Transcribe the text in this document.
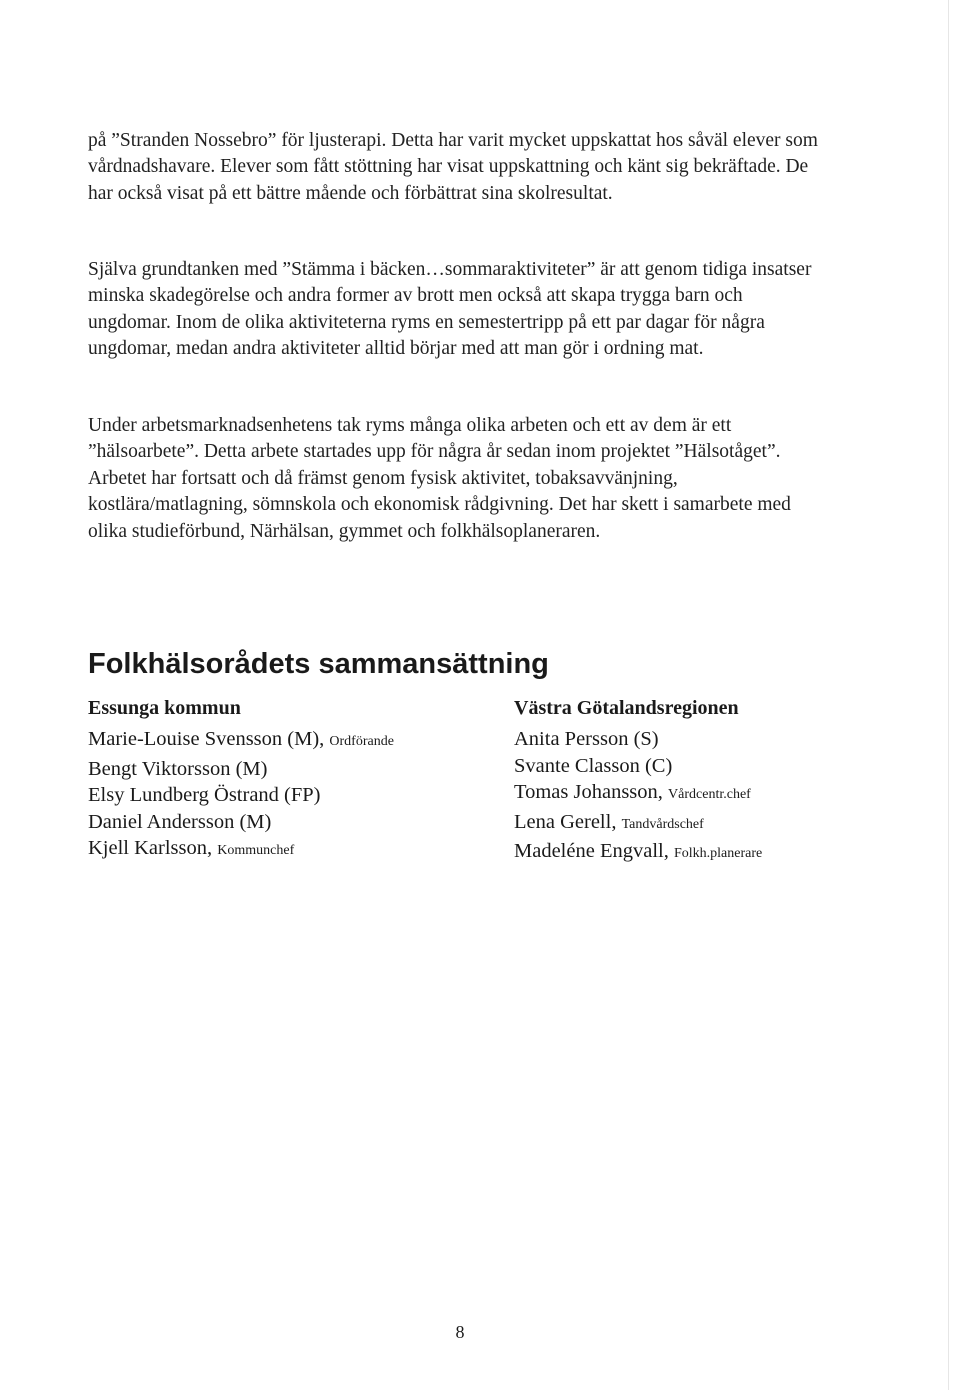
på ”Stranden Nossebro” för ljusterapi. Detta har varit mycket uppskattat hos såväl elever som vårdnadshavare. Elever som fått stöttning har visat uppskattning och känt sig bekräftade. De har också visat på ett bättre mående och förbättrat sina skolresultat.

Själva grundtanken med ”Stämma i bäcken…sommaraktiviteter” är att genom tidiga insatser minska skadegörelse och andra former av brott men också att skapa trygga barn och ungdomar. Inom de olika aktiviteterna ryms en semestertripp på ett par dagar för några ungdomar, medan andra aktiviteter alltid börjar med att man gör i ordning mat.

Under arbetsmarknadsenhetens tak ryms många olika arbeten och ett av dem är ett ”hälsoarbete”. Detta arbete startades upp för några år sedan inom projektet ”Hälsotåget”. Arbetet har fortsatt och då främst genom fysisk aktivitet, tobaksavvänjning, kostlära/matlagning, sömnskola och ekonomisk rådgivning. Det har skett i samarbete med olika studieförbund, Närhälsan, gymmet och folkhälsoplaneraren.

Folkhälsorådets sammansättning
Essunga kommun
Marie-Louise Svensson (M), Ordförande
Bengt Viktorsson (M)
Elsy Lundberg Östrand (FP)
Daniel Andersson (M)
Kjell Karlsson, Kommunchef
Västra Götalandsregionen
Anita Persson (S)
Svante Classon (C)
Tomas Johansson, Vårdcentr.chef
Lena Gerell, Tandvårdschef
Madeléne Engvall, Folkh.planerare
8
